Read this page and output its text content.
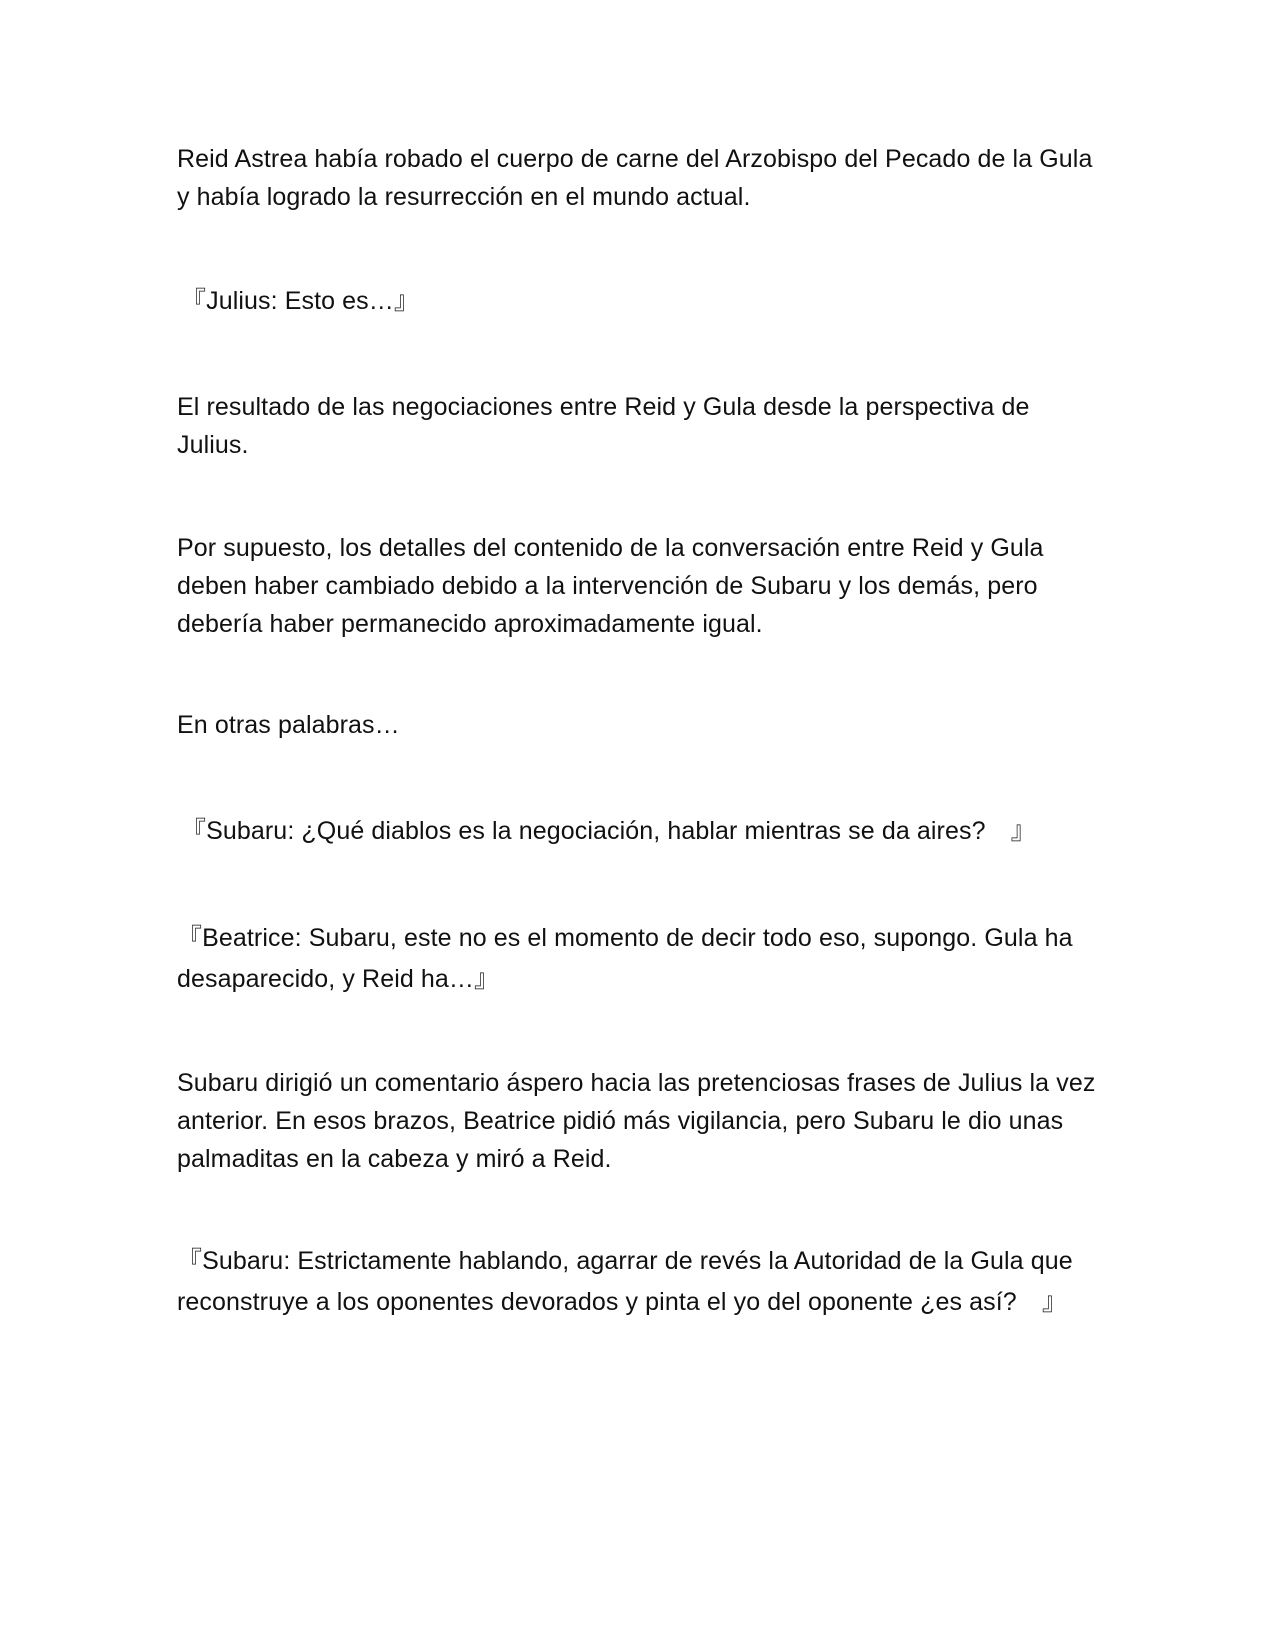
Reid Astrea había robado el cuerpo de carne del Arzobispo del Pecado de la Gula y había logrado la resurrección en el mundo actual.

『Julius: Esto es…』

El resultado de las negociaciones entre Reid y Gula desde la perspectiva de Julius.

Por supuesto, los detalles del contenido de la conversación entre Reid y Gula deben haber cambiado debido a la intervención de Subaru y los demás, pero debería haber permanecido aproximadamente igual.

En otras palabras…

『Subaru: ¿Qué diablos es la negociación, hablar mientras se da aires?　』

『Beatrice: Subaru, este no es el momento de decir todo eso, supongo. Gula ha desaparecido, y Reid ha…』

Subaru dirigió un comentario áspero hacia las pretenciosas frases de Julius la vez anterior. En esos brazos, Beatrice pidió más vigilancia, pero Subaru le dio unas palmaditas en la cabeza y miró a Reid.

『Subaru: Estrictamente hablando, agarrar de revés la Autoridad de la Gula que reconstruye a los oponentes devorados y pinta el yo del oponente ¿es así?　』
